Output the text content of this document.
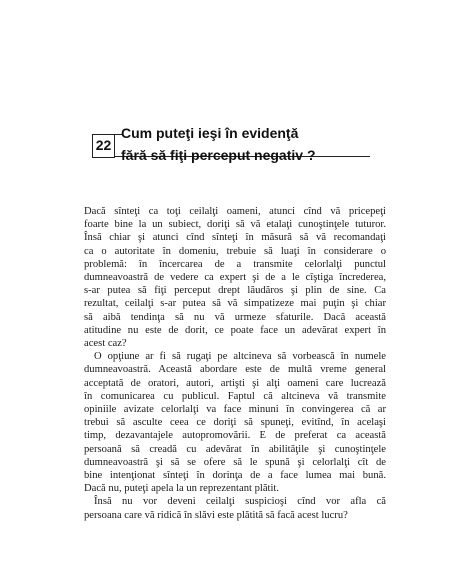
22
Cum puteţi ieşi în evidenţă
fără să fiţi perceput negativ ?

Dacă sînteţi ca toţi ceilalţi oameni, atunci cînd vă pricepeţi
foarte bine la un subiect, doriţi să vă etalaţi cunoştinţele tuturor.
Însă chiar şi atunci cînd sînteţi în măsură să vă recomandaţi
ca o autoritate în domeniu, trebuie să luaţi în considerare o
problemă: în încercarea de a transmite celorlalţi punctul
dumneavoastră de vedere ca expert şi de a le cîştiga încrederea,
s-ar putea să fiţi perceput drept lăudăros şi plin de sine. Ca
rezultat, ceilalţi s-ar putea să vă simpatizeze mai puţin şi chiar
să aibă tendinţa să nu vă urmeze sfaturile. Dacă această
atitudine nu este de dorit, ce poate face un adevărat expert în
acest caz?

O opţiune ar fi să rugaţi pe altcineva să vorbească în numele
dumneavoastră. Această abordare este de multă vreme general
acceptată de oratori, autori, artişti şi alţi oameni care lucrează
în comunicarea cu publicul. Faptul că altcineva vă transmite
opiniile avizate celorlalţi va face minuni în convingerea că ar
trebui să asculte ceea ce doriţi să spuneţi, evitînd, în acelaşi
timp, dezavantajele autopromovării. E de preferat ca această
persoană să creadă cu adevărat în abilităţile şi cunoştinţele
dumneavoastră şi să se ofere să le spună şi celorlalţi cît de
bine intenţionat sînteţi în dorinţa de a face lumea mai bună.
Dacă nu, puteţi apela la un reprezentant plătit.

Însă nu vor deveni ceilalţi suspicioşi cînd vor afla că
persoana care vă ridică în slăvi este plătită să facă acest lucru?
